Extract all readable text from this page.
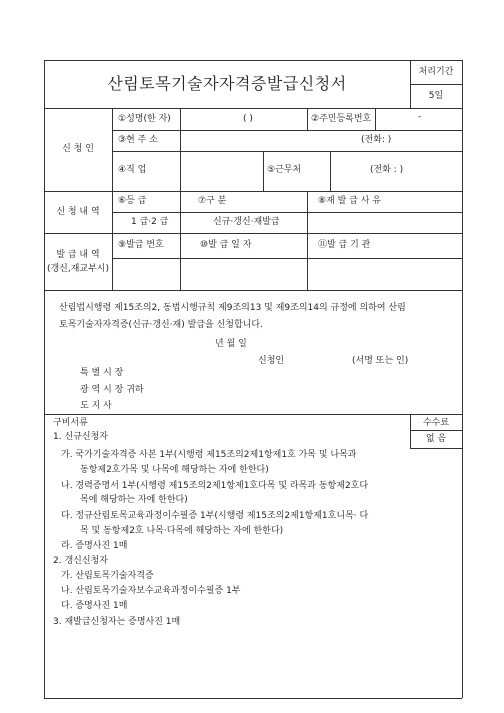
산림토목기술자자격증발급신청서
처리기간
5일
신 청 인
①성명(한 자)	( )	②주민등록번호	-
③현 주 소	(전화: )
④직 업	⑤근무처	(전화 : )
신 청 내 역
⑥등 급	⑦구 분	⑧재 발 급 사 유
1 급·2 급	신규·갱신·재발급
발 급 내 역
(갱신,재교부시)
⑨발급 번호	⑩발 급 일 자	⑪발 급 기 관
산림법시행령 제15조의2, 동법시행규칙 제9조의13 및 제9조의14의 규정에 의하여 산림
토목기술자자격증(신규·갱신·재) 발급을 신청합니다.
년 월 일
신청인	(서명 또는 인)
특 별 시 장
광 역 시 장 귀하
도 지 사
구비서류	수수료
없 음
1. 신규신청자
가. 국가기술자격증 사본 1부(시행령 제15조의2제1항제1호 가목 및 나목과
동항제2호가목 및 나목에 해당하는 자에 한한다)
나. 경력증명서 1부(시행령 제15조의2제1항제1호다목 및 라목과 동항제2호다
목에 해당하는 자에 한한다)
다. 정규산림토목교육과정이수필증 1부(시행령 제15조의2제1항제1호니목· 다
목 및 동항제2호 나목·다목에 해당하는 자에 한한다)
라. 증명사진 1매
2. 갱신신청자
가. 산림토목기술자격증
나. 산림토목기술자보수교육과정이수필증 1부
다. 증명사진 1매
3. 재발급신청자는 증명사진 1매
